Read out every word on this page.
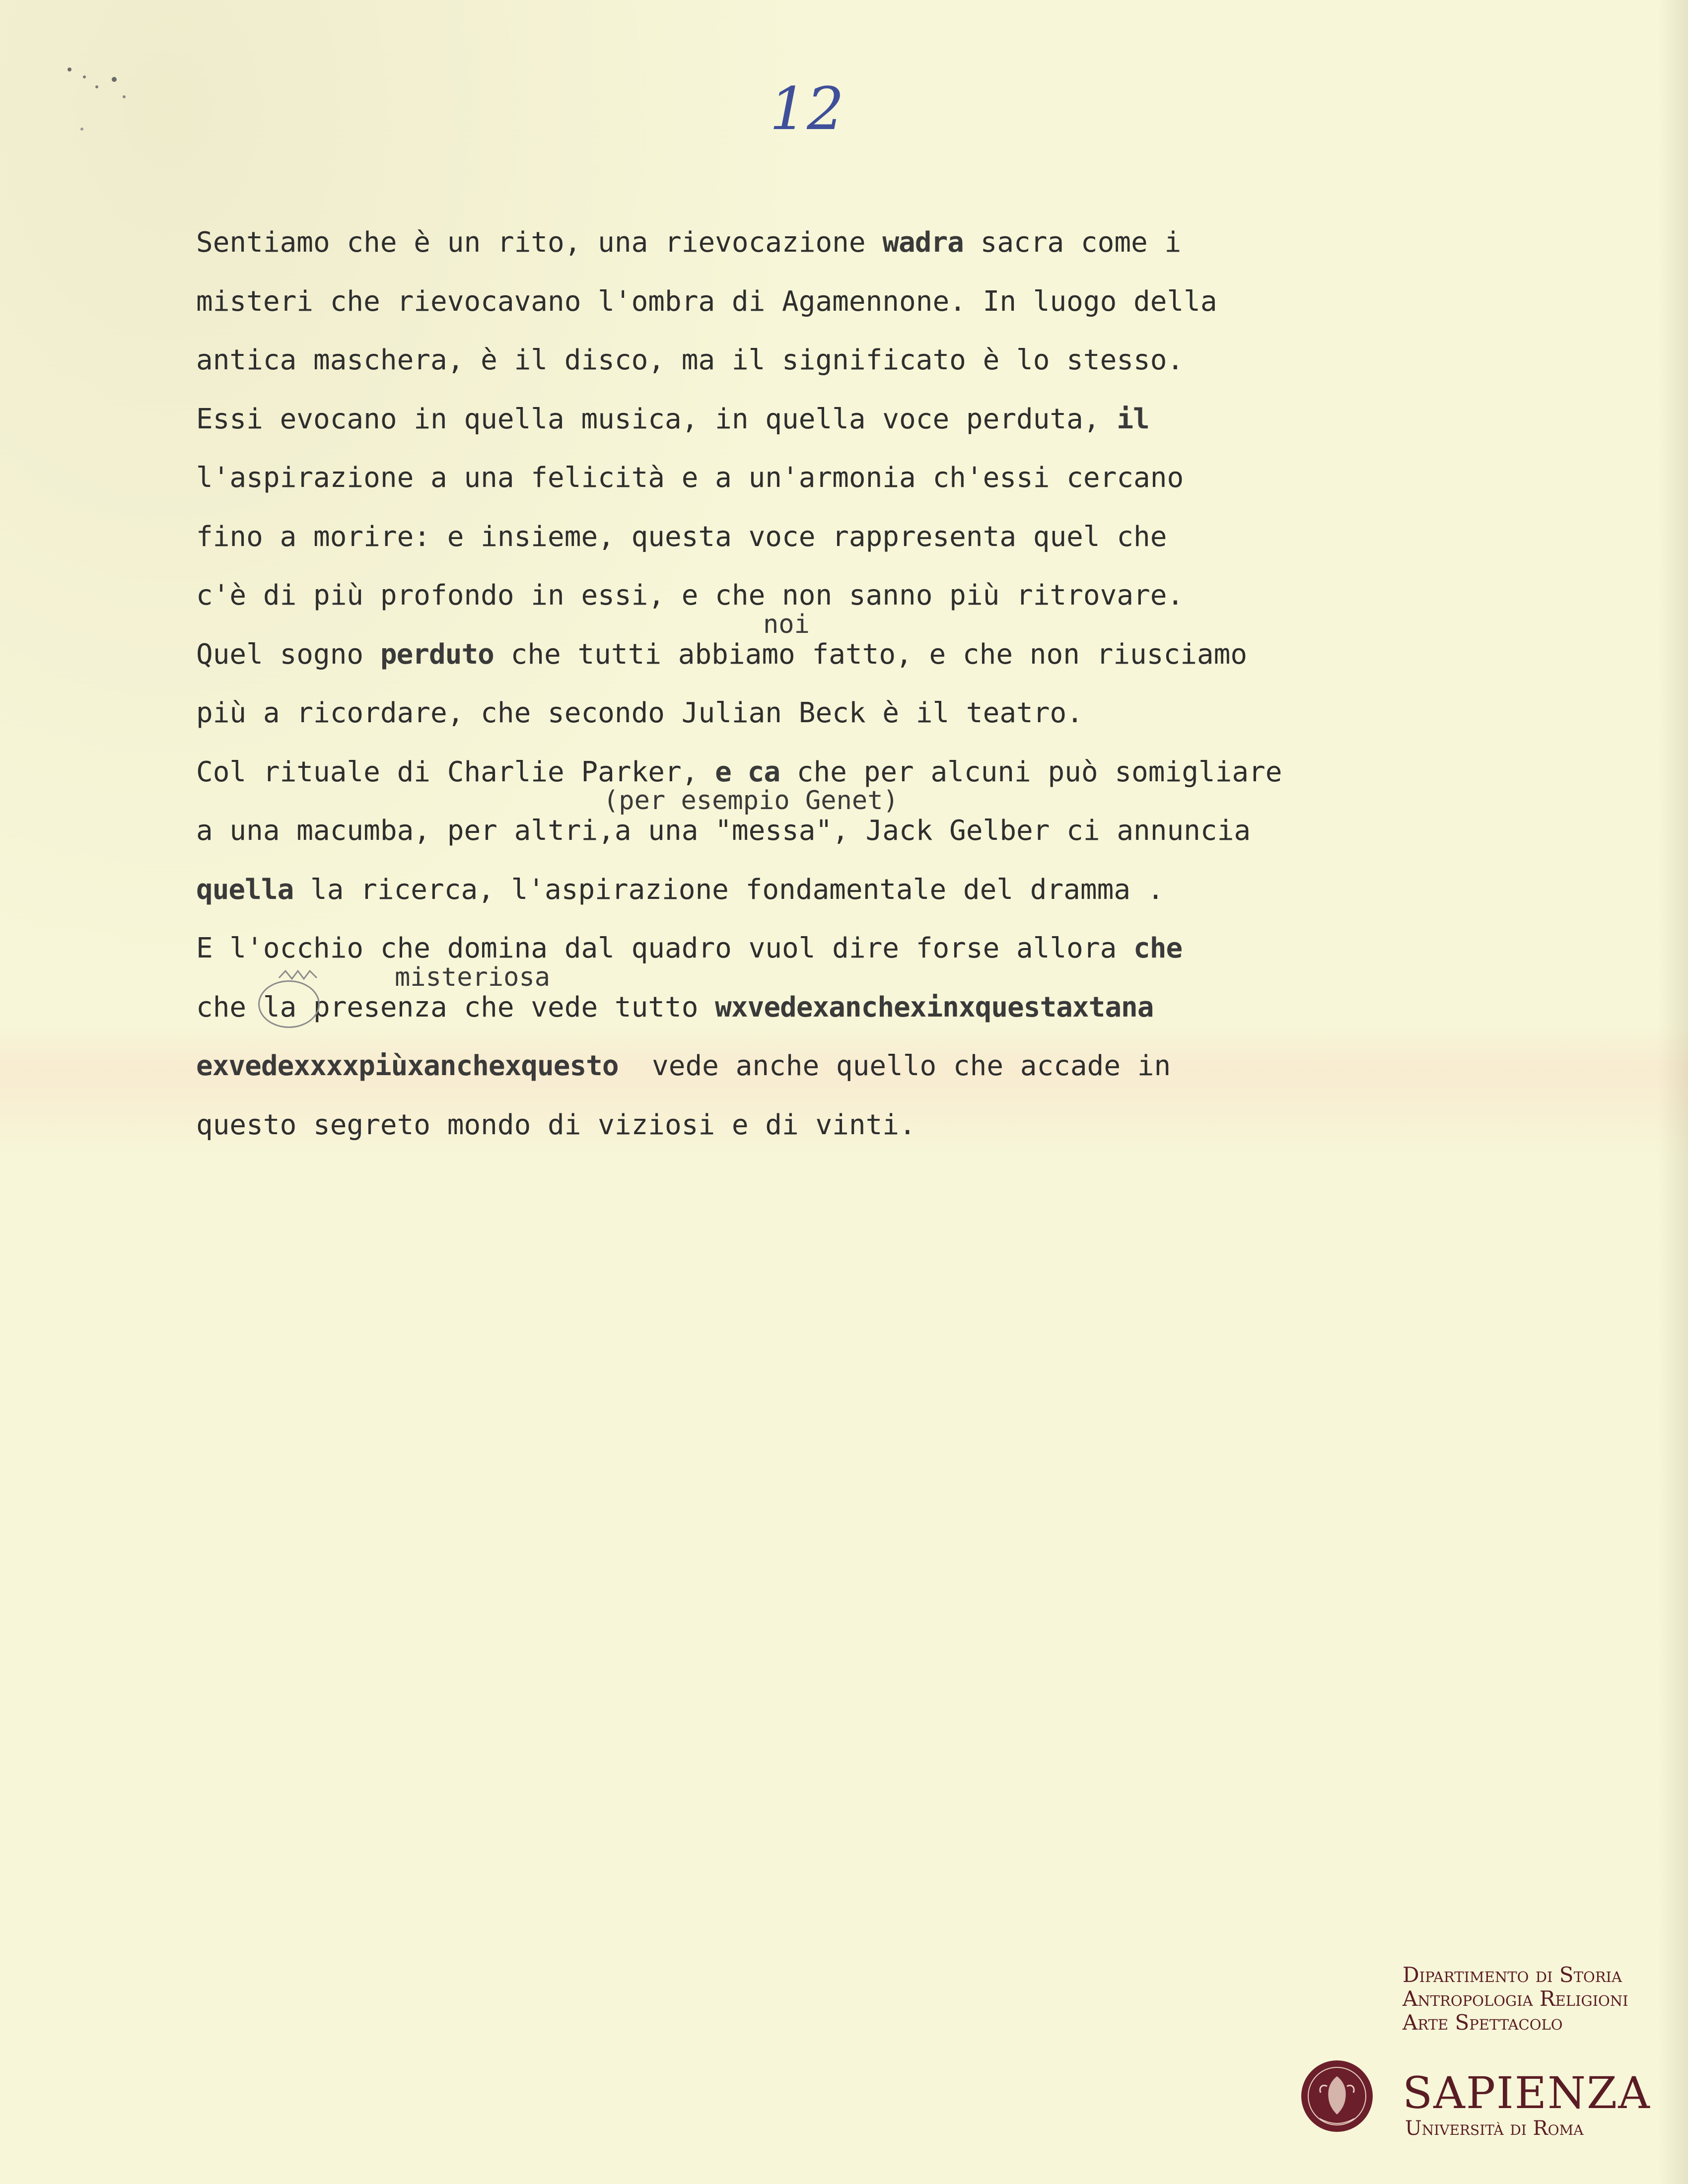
12
Sentiamo che è un rito, una rievocazione wadra sacra come i
misteri che rievocavano l'ombra di Agamennone. In luogo della
antica maschera, è il disco, ma il significato è lo stesso.
Essi evocano in quella musica, in quella voce perduta, il
l'aspirazione a una felicità e a un'armonia ch'essi cercano
fino a morire: e insieme, questa voce rappresenta quel che
c'è di più profondo in essi, e che non sanno più ritrovare.
Quel sogno perduto che tutti abbiamo fatto, e che non riusciamo
più a ricordare, che secondo Julian Beck è il teatro.
Col rituale di Charlie Parker, e ca che per alcuni può somigliare
a una macumba, per altri,a una "messa", Jack Gelber ci annuncia
quella la ricerca, l'aspirazione fondamentale del dramma .
E l'occhio che domina dal quadro vuol dire forse allora che
che la presenza che vede tutto wxvedexanchexinxquestaxtana
exvedexxxxpiùxanchexquesto  vede anche quello che accade in
questo segreto mondo di viziosi e di vinti.
noi
(per esempio Genet)
misteriosa
Dipartimento di Storia
Antropologia Religioni
Arte Spettacolo
SAPIENZA
Università di Roma
